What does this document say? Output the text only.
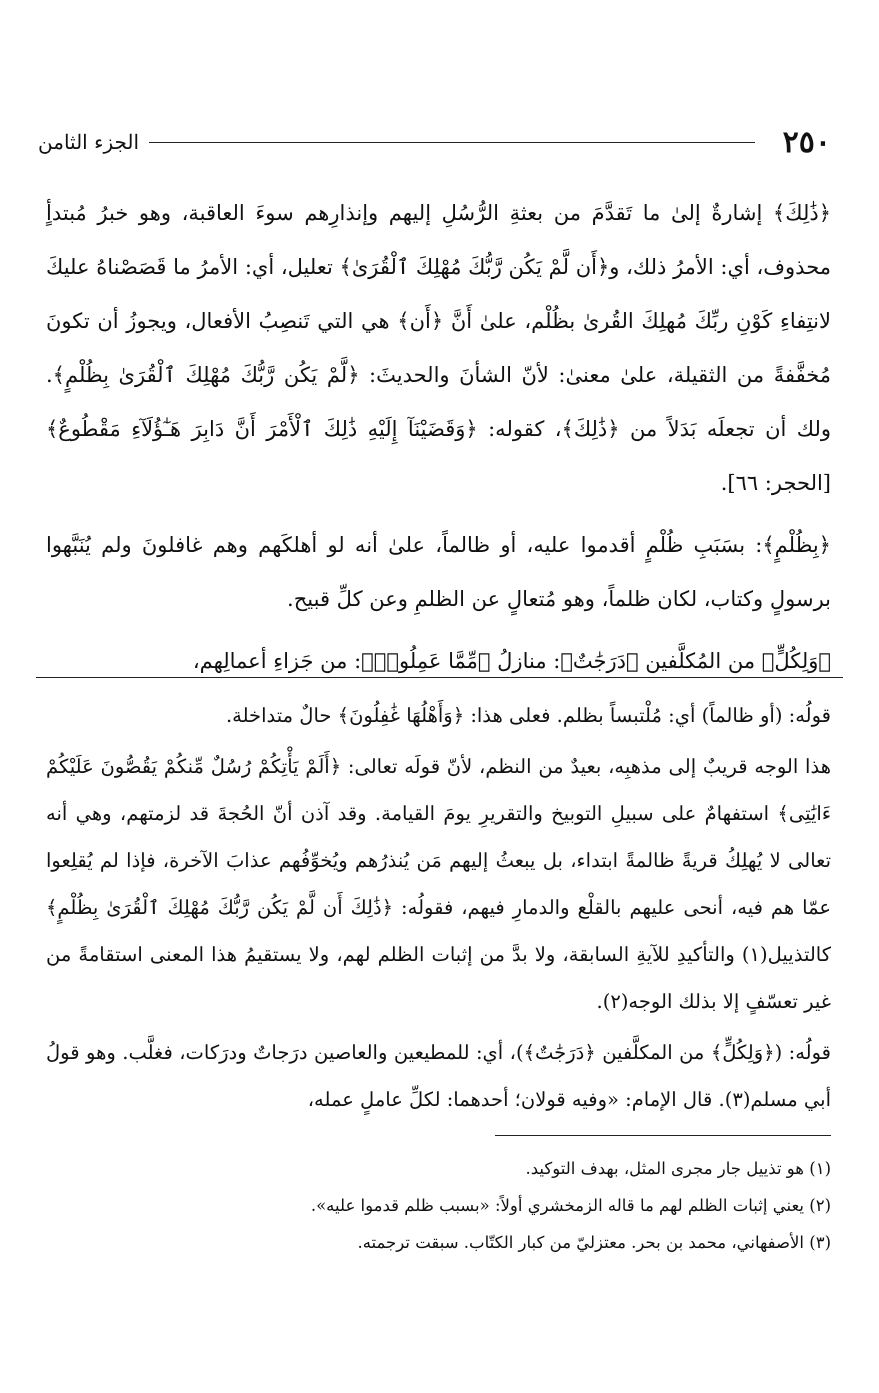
٢٥٠
الجزء الثامن

﴿ذَٰلِكَ﴾ إشارةٌ إلىٰ ما تَقدَّمَ من بعثةِ الرُّسُلِ إليهم وإنذارِهم سوءَ العاقبة، وهو خبرُ مُبتدأٍ محذوف، أي: الأمرُ ذلك، و﴿أَن لَّمْ يَكُن رَّبُّكَ مُهْلِكَ ٱلْقُرَىٰ﴾ تعليل، أي: الأمرُ ما قَصَصْناهُ عليكَ لانتِفاءِ كَوْنِ ربِّكَ مُهلِكَ القُرىٰ بظُلْم، علىٰ أَنَّ ﴿أَن﴾ هي التي تَنصِبُ الأفعال، ويجوزُ أن تكونَ مُخفَّفةً من الثقيلة، علىٰ معنىٰ: لأنّ الشأنَ والحديثَ: ﴿لَّمْ يَكُن رَّبُّكَ مُهْلِكَ ٱلْقُرَىٰ بِظُلْمٍ﴾. ولك أن تجعلَه بَدَلاً من ﴿ذَٰلِكَ﴾، كقوله: ﴿وَقَضَيْنَآ إِلَيْهِ ذَٰلِكَ ٱلْأَمْرَ أَنَّ دَابِرَ هَـٰٓؤُلَآءِ مَقْطُوعٌ﴾ [الحجر: ٦٦].

﴿بِظُلْمٍ﴾: بسَبَبِ ظُلْمٍ أقدموا عليه، أو ظالماً، علىٰ أنه لو أهلكَهم وهم غافلونَ ولم يُنَبَّهوا برسولٍ وكتاب، لكان ظلماً، وهو مُتعالٍ عن الظلمِ وعن كلِّ قبيح.

﴿وَلِكُلٍّ﴾ من المُكلَّفين ﴿دَرَجَٰتٌ﴾: منازلُ ﴿مِّمَّا عَمِلُوا۟﴾: من جَزاءِ أعمالِهم،

قولُه: (أو ظالماً) أي: مُلْتبساً بظلم. فعلى هذا: ﴿وَأَهْلُهَا غَٰفِلُونَ﴾ حالٌ متداخلة.

هذا الوجه قريبٌ إلى مذهبِه، بعيدٌ من النظم، لأنّ قولَه تعالى: ﴿أَلَمْ يَأْتِكُمْ رُسُلٌ مِّنكُمْ يَقُصُّونَ عَلَيْكُمْ ءَايَٰتِى﴾ استفهامٌ على سبيلِ التوبيخ والتقريرِ يومَ القيامة. وقد آذن أنّ الحُجةَ قد لزمتهم، وهي أنه تعالى لا يُهلِكُ قريةً ظالمةً ابتداء، بل يبعثُ إليهم مَن يُنذرُهم ويُخوِّفُهم عذابَ الآخرة، فإذا لم يُقلِعوا عمّا هم فيه، أنحى عليهم بالقلْع والدمارِ فيهم، فقولُه: ﴿ذَٰلِكَ أَن لَّمْ يَكُن رَّبُّكَ مُهْلِكَ ٱلْقُرَىٰ بِظُلْمٍ﴾ كالتذييل(١) والتأكيدِ للآيةِ السابقة، ولا بدَّ من إثبات الظلم لهم، ولا يستقيمُ هذا المعنى استقامةً من غير تعسّفٍ إلا بذلك الوجه(٢).

قولُه: (﴿وَلِكُلٍّ﴾ من المكلَّفين ﴿دَرَجَٰتٌ﴾)، أي: للمطيعين والعاصين درَجاتٌ ودرَكات، فغلَّب. وهو قولُ أبي مسلم(٣). قال الإمام: «وفيه قولان؛ أحدهما: لكلِّ عاملٍ عمله،

(١) هو تذييل جار مجرى المثل، بهدف التوكيد.

(٢) يعني إثبات الظلم لهم ما قاله الزمخشري أولاً: «بسبب ظلم قدموا عليه».

(٣) الأصفهاني، محمد بن بحر. معتزليّ من كبار الكتّاب. سبقت ترجمته.
